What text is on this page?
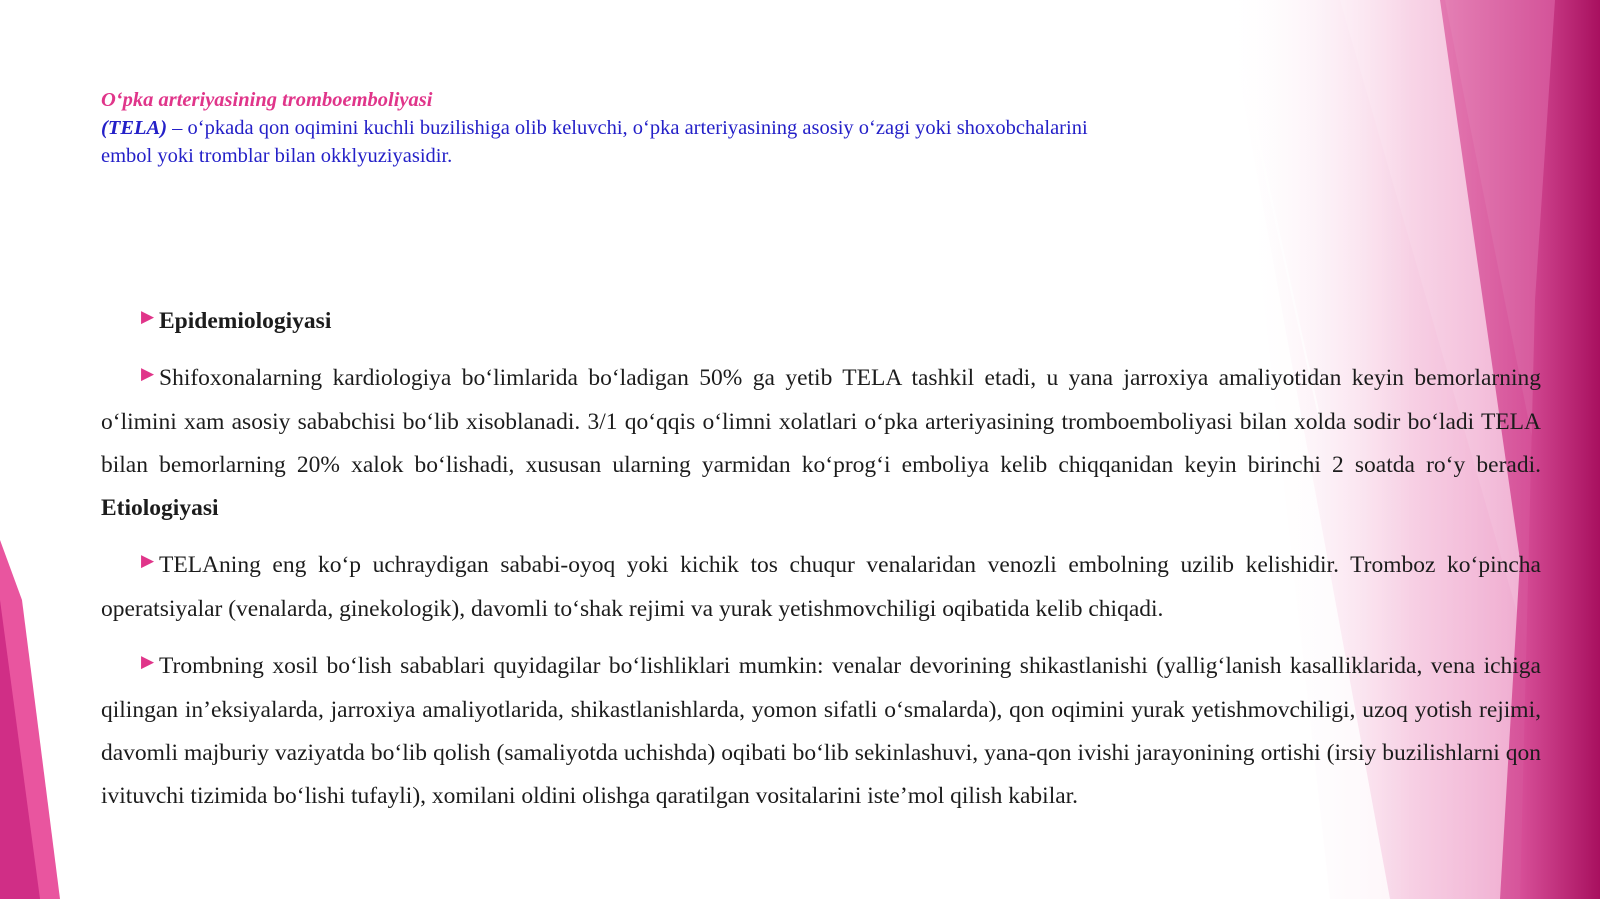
O‘pka arteriyasining tromboemboliyasi
(TELA) – o‘pkada qon oqimini kuchli buzilishiga olib keluvchi, o‘pka arteriyasining asosiy o‘zagi yoki shoxobchalarini embol yoki tromblar bilan okklyuziyasidir.

▶ Epidemiologiyasi

▶ Shifoxonalarning kardiologiya bo‘limlarida bo‘ladigan 50% ga yetib TELA tashkil etadi, u yana jarroxiya amaliyotidan keyin bemorlarning o‘limini xam asosiy sababchisi bo‘lib xisoblanadi. 3/1 qo‘qqis o‘limni xolatlari o‘pka arteriyasining tromboemboliyasi bilan xolda sodir bo‘ladi TELA bilan bemorlarning 20% xalok bo‘lishadi, xususan ularning yarmidan ko‘prog‘i emboliya kelib chiqqanidan keyin birinchi 2 soatda ro‘y beradi. Etiologiyasi

▶ TELAning eng ko‘p uchraydigan sababi-oyoq yoki kichik tos chuqur venalaridan venozli embolning uzilib kelishidir. Tromboz ko‘pincha operatsiyalar (venalarda, ginekologik), davomli to‘shak rejimi va yurak yetishmovchiligi oqibatida kelib chiqadi.

▶ Trombning xosil bo‘lish sabablari quyidagilar bo‘lishliklari mumkin: venalar devorining shikastlanishi (yallig‘lanish kasalliklarida, vena ichiga qilingan in’eksiyalarda, jarroxiya amaliyotlarida, shikastlanishlarda, yomon sifatli o‘smalarda), qon oqimini yurak yetishmovchiligi, uzoq yotish rejimi, davomli majburiy vaziyatda bo‘lib qolish (samaliyotda uchishda) oqibati bo‘lib sekinlashuvi, yana-qon ivishi jarayonining ortishi (irsiy buzilishlarni qon ivituvchi tizimida bo‘lishi tufayli), xomilani oldini olishga qaratilgan vositalarini iste’mol qilish kabilar.
